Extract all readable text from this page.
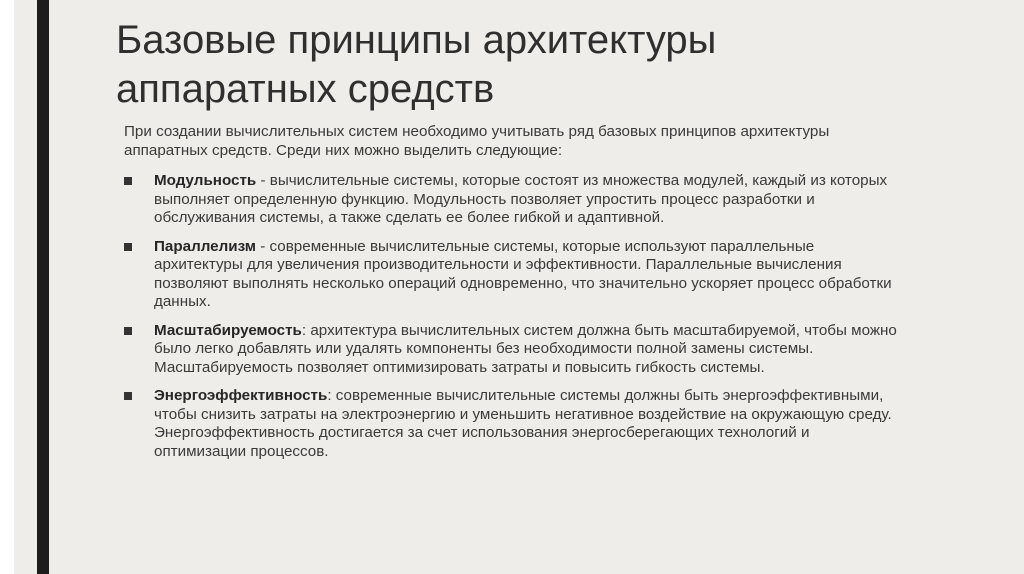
Базовые принципы архитектуры аппаратных средств

При создании вычислительных систем необходимо учитывать ряд базовых принципов архитектуры аппаратных средств. Среди них можно выделить следующие:

Модульность - вычислительные системы, которые состоят из множества модулей, каждый из которых выполняет определенную функцию. Модульность позволяет упростить процесс разработки и обслуживания системы, а также сделать ее более гибкой и адаптивной.
Параллелизм - современные вычислительные системы, которые используют параллельные архитектуры для увеличения производительности и эффективности. Параллельные вычисления позволяют выполнять несколько операций одновременно, что значительно ускоряет процесс обработки данных.
Масштабируемость: архитектура вычислительных систем должна быть масштабируемой, чтобы можно было легко добавлять или удалять компоненты без необходимости полной замены системы. Масштабируемость позволяет оптимизировать затраты и повысить гибкость системы.
Энергоэффективность: современные вычислительные системы должны быть энергоэффективными, чтобы снизить затраты на электроэнергию и уменьшить негативное воздействие на окружающую среду. Энергоэффективность достигается за счет использования энергосберегающих технологий и оптимизации процессов.
